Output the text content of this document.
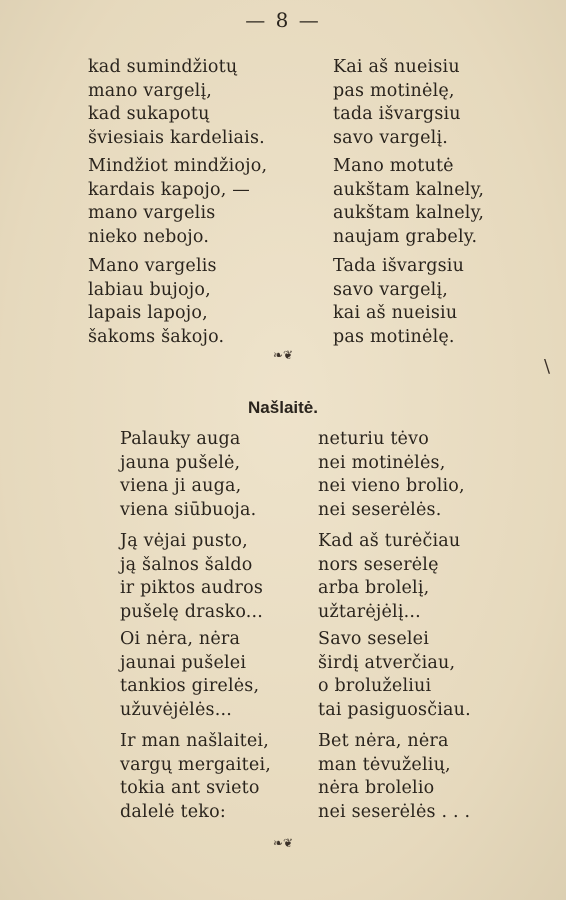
— 8 —
kad sumindžiotų
mano vargelį,
kad sukapotų
šviesiais kardeliais.
Mindžiot mindžiojo,
kardais kapojo, —
mano vargelis
nieko nebojo.
Mano vargelis
labiau bujojo,
lapais lapojo,
šakoms šakojo.
Kai aš nueisiu
pas motinėlę,
tada išvargsiu
savo vargelį.
Mano motutė
aukštam kalnely,
aukštam kalnely,
naujam grabely.
Tada išvargsiu
savo vargelį,
kai aš nueisiu
pas motinėlę.
❧❦
\
Našlaitė.
Palauky auga
jauna pušelė,
viena ji auga,
viena siūbuoja.
Ją vėjai pusto,
ją šalnos šaldo
ir piktos audros
pušelę drasko...
Oi nėra, nėra
jaunai pušelei
tankios girelės,
užuvėjėlės...
Ir man našlaitei,
vargų mergaitei,
tokia ant svieto
dalelė teko:
neturiu tėvo
nei motinėlės,
nei vieno brolio,
nei seserėlės.
Kad aš turėčiau
nors seserėlę
arba brolelį,
užtarėjėlį...
Savo seselei
širdį atverčiau,
o broluželiui
tai pasiguosčiau.
Bet nėra, nėra
man tėvuželių,
nėra brolelio
nei seserėlės . . .
❧❦
